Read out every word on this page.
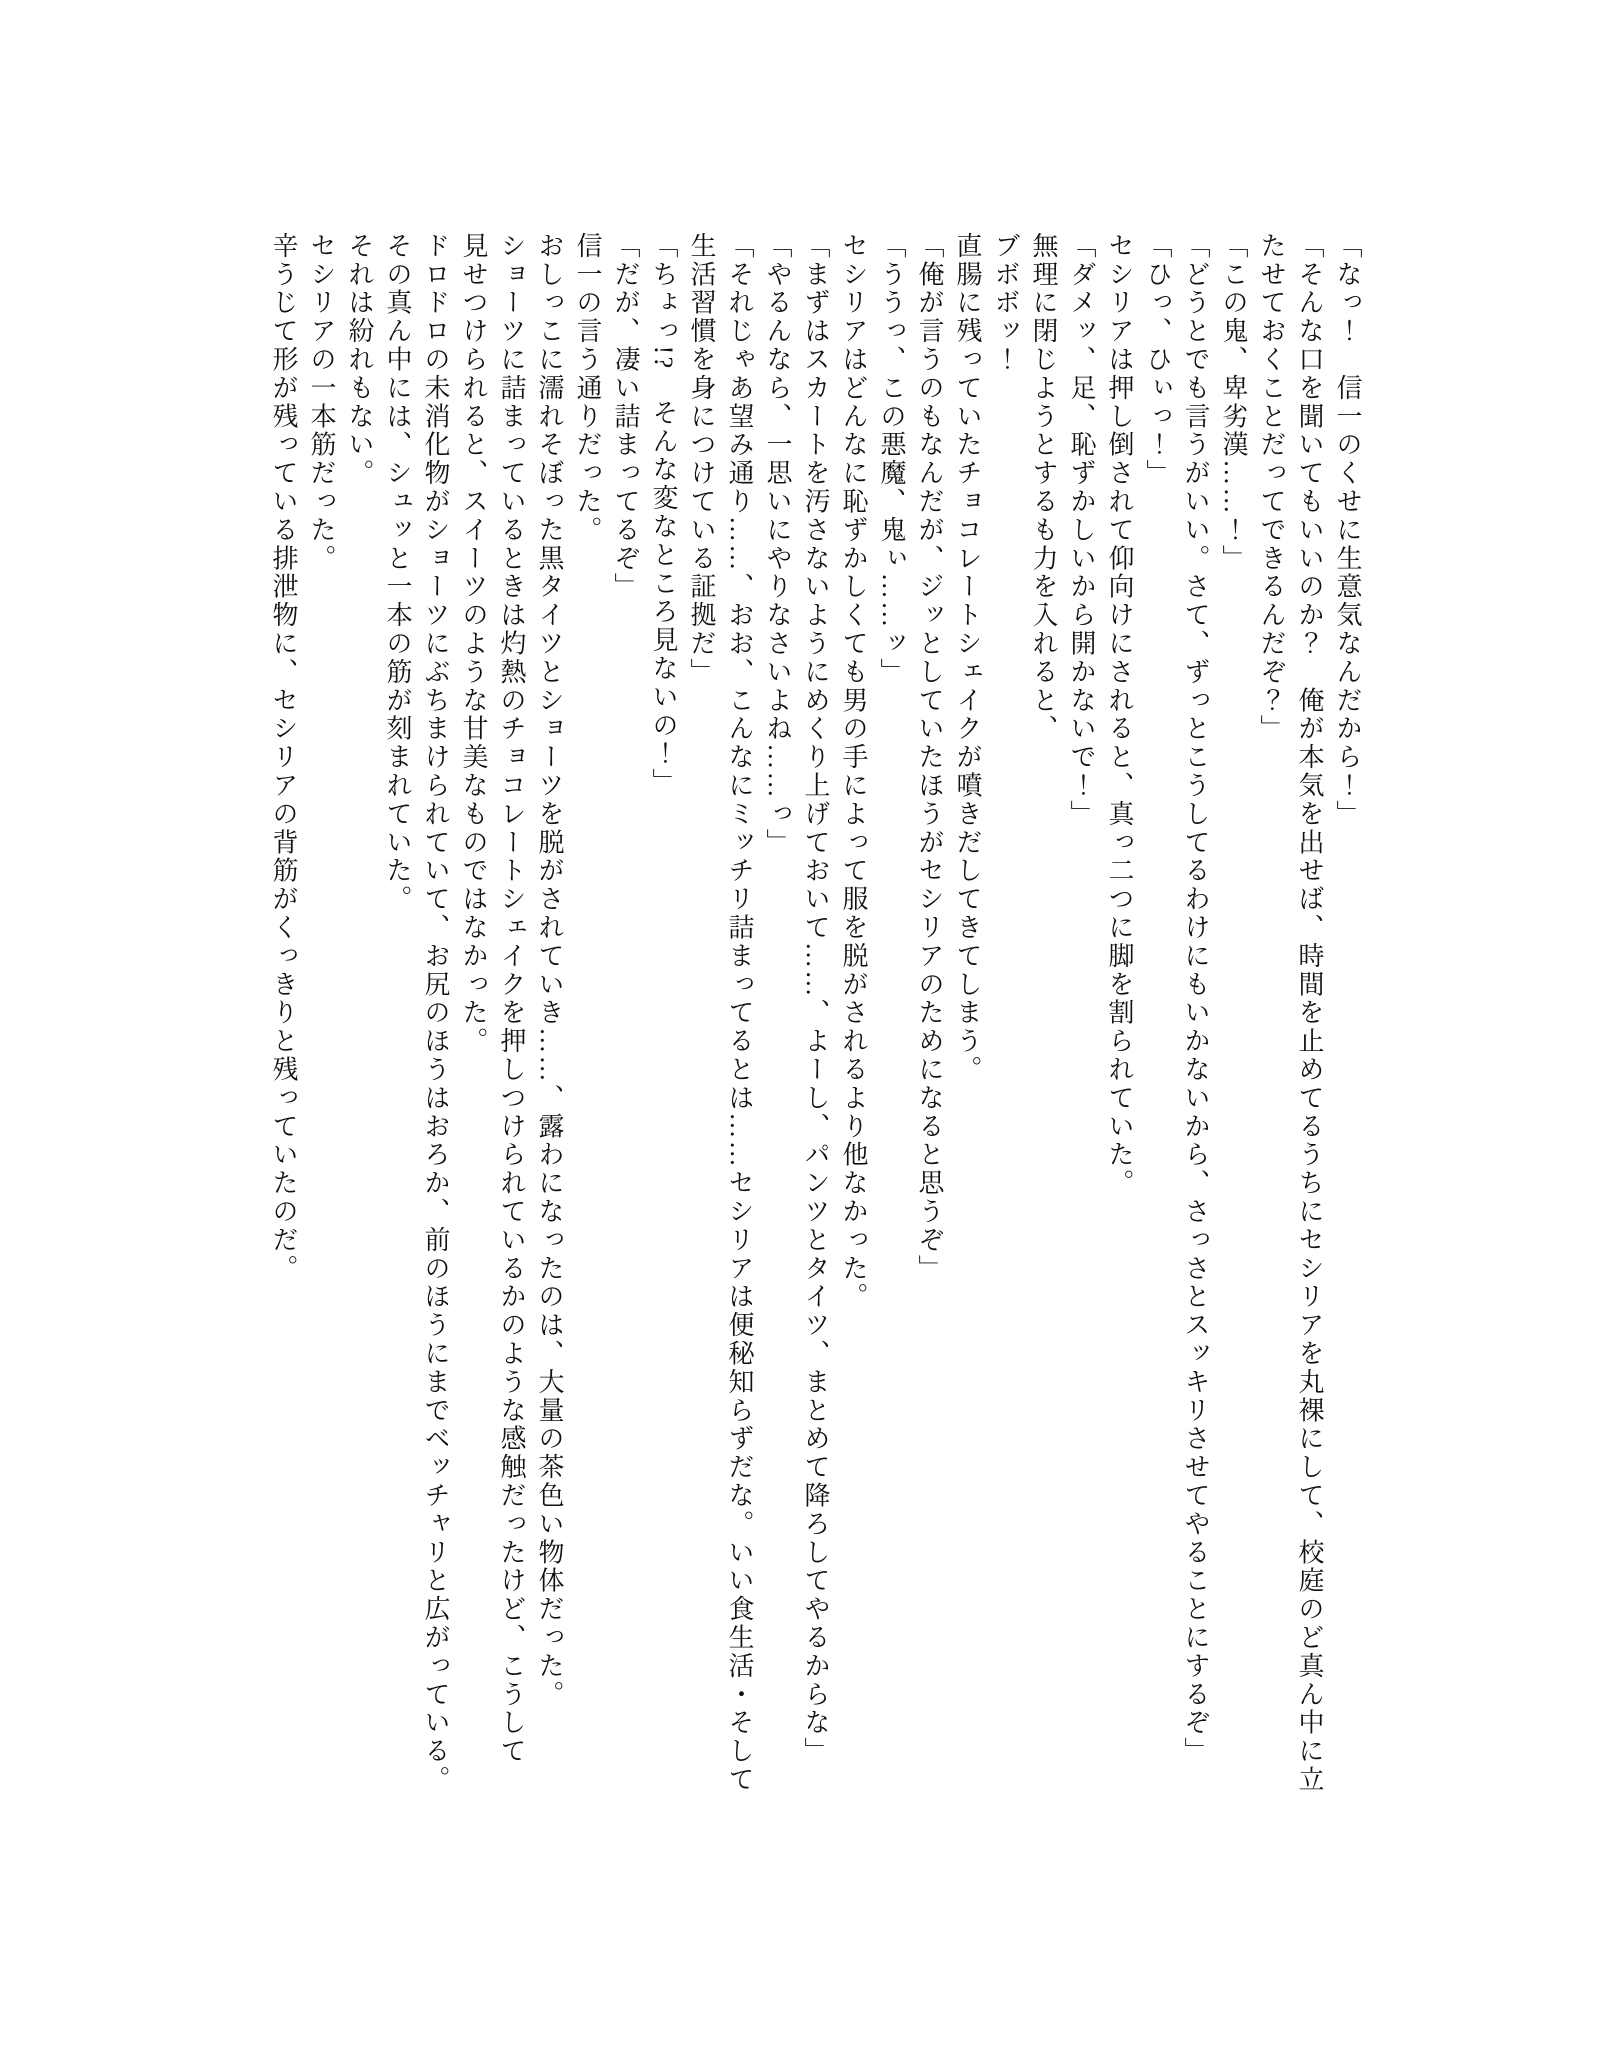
「なっ！　信一のくせに生意気なんだから！」
「そんな口を聞いてもいいのか？　俺が本気を出せば、時間を止めてるうちにセシリアを丸裸にして、校庭のど真ん中に立
たせておくことだってできるんだぞ？」
「この鬼、卑劣漢……！」
「どうとでも言うがいい。さて、ずっとこうしてるわけにもいかないから、さっさとスッキリさせてやることにするぞ」
「ひっ、ひぃっ！」
セシリアは押し倒されて仰向けにされると、真っ二つに脚を割られていた。
「ダメッ、足、恥ずかしいから開かないで！」
無理に閉じようとするも力を入れると、
ブボボッ！
直腸に残っていたチョコレートシェイクが噴きだしてきてしまう。
「俺が言うのもなんだが、ジッとしていたほうがセシリアのためになると思うぞ」
「ううっ、この悪魔、鬼ぃ……ッ」
セシリアはどんなに恥ずかしくても男の手によって服を脱がされるより他なかった。
「まずはスカートを汚さないようにめくり上げておいて……、よーし、パンツとタイツ、まとめて降ろしてやるからな」
「やるんなら、一思いにやりなさいよね……っ」
「それじゃあ望み通り……、おお、こんなにミッチリ詰まってるとは……セシリアは便秘知らずだな。いい食生活・そして
生活習慣を身につけている証拠だ」
「ちょっ!?　そんな変なところ見ないの！」
「だが、凄い詰まってるぞ」
信一の言う通りだった。
おしっこに濡れそぼった黒タイツとショーツを脱がされていき……、露わになったのは、大量の茶色い物体だった。
ショーツに詰まっているときは灼熱のチョコレートシェイクを押しつけられているかのような感触だったけど、こうして
見せつけられると、スイーツのような甘美なものではなかった。
ドロドロの未消化物がショーツにぶちまけられていて、お尻のほうはおろか、前のほうにまでベッチャリと広がっている。
その真ん中には、シュッと一本の筋が刻まれていた。
それは紛れもない。
セシリアの一本筋だった。
辛うじて形が残っている排泄物に、セシリアの背筋がくっきりと残っていたのだ。
